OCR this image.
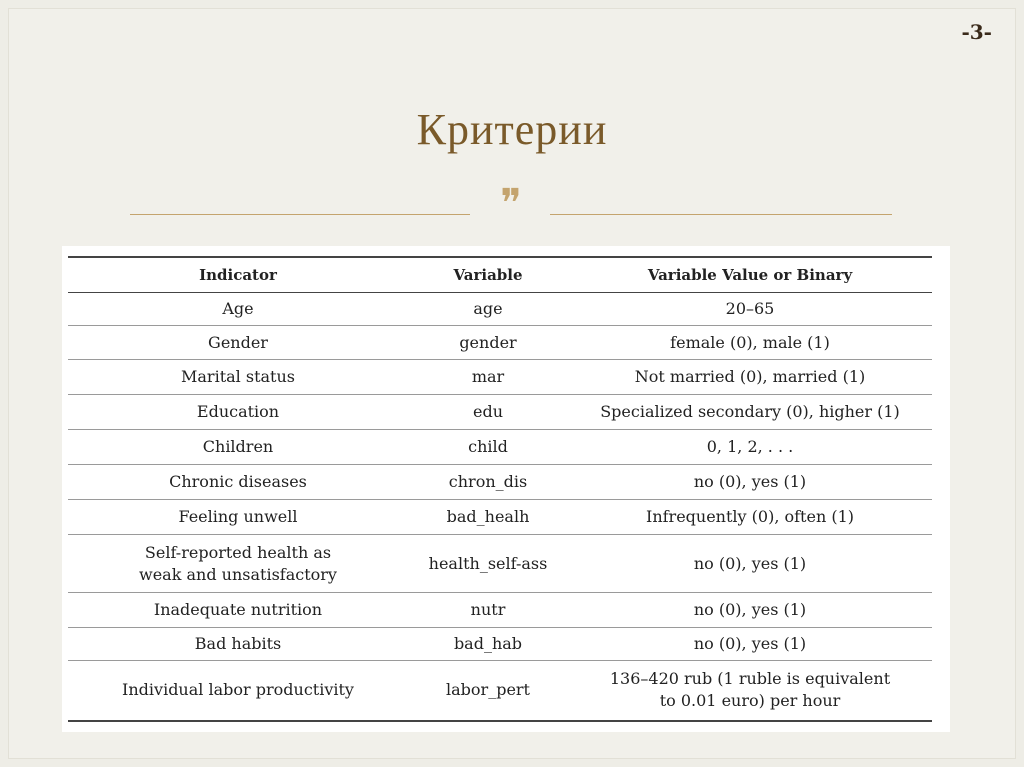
-3-
Критерии
❞
Indicator	Variable	Variable Value or Binary
Age	age	20–65
Gender	gender	female (0), male (1)
Marital status	mar	Not married (0), married (1)
Education	edu	Specialized secondary (0), higher (1)
Children	child	0, 1, 2, . . .
Chronic diseases	chron_dis	no (0), yes (1)
Feeling unwell	bad_healh	Infrequently (0), often (1)
Self-reported health as weak and unsatisfactory	health_self-ass	no (0), yes (1)
Inadequate nutrition	nutr	no (0), yes (1)
Bad habits	bad_hab	no (0), yes (1)
Individual labor productivity	labor_pert	136–420 rub (1 ruble is equivalent to 0.01 euro) per hour
